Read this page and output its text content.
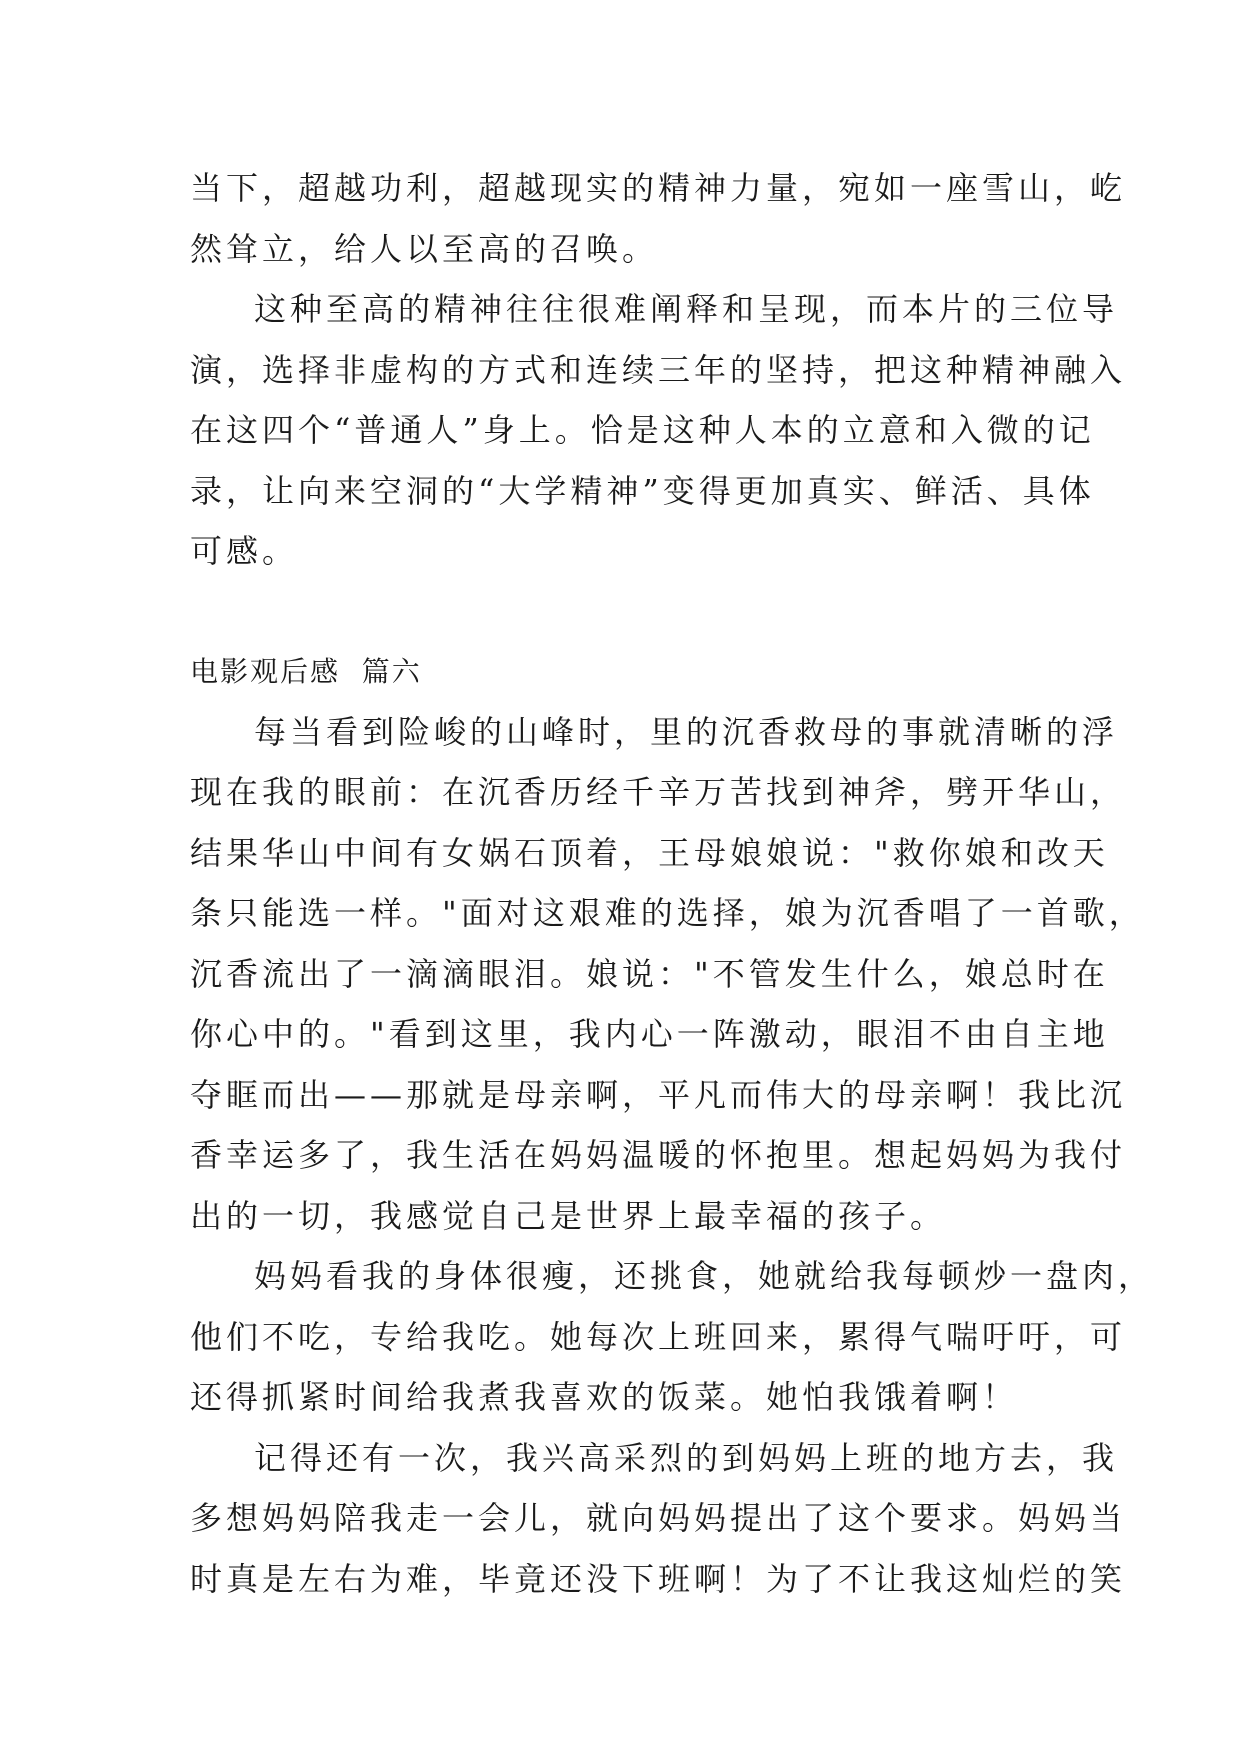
当下，超越功利，超越现实的精神力量，宛如一座雪山，屹
然耸立，给人以至高的召唤。

这种至高的精神往往很难阐释和呈现，而本片的三位导
演，选择非虚构的方式和连续三年的坚持，把这种精神融入
在这四个“普通人”身上。恰是这种人本的立意和入微的记
录，让向来空洞的“大学精神”变得更加真实、鲜活、具体
可感。

电影观后感  篇六

每当看到险峻的山峰时，里的沉香救母的事就清晰的浮
现在我的眼前：在沉香历经千辛万苦找到神斧，劈开华山，
结果华山中间有女娲石顶着，王母娘娘说："救你娘和改天
条只能选一样。"面对这艰难的选择，娘为沉香唱了一首歌，
沉香流出了一滴滴眼泪。娘说："不管发生什么，娘总时在
你心中的。"看到这里，我内心一阵激动，眼泪不由自主地
夺眶而出——那就是母亲啊，平凡而伟大的母亲啊！我比沉
香幸运多了，我生活在妈妈温暖的怀抱里。想起妈妈为我付
出的一切，我感觉自己是世界上最幸福的孩子。

妈妈看我的身体很瘦，还挑食，她就给我每顿炒一盘肉，
他们不吃，专给我吃。她每次上班回来，累得气喘吁吁，可
还得抓紧时间给我煮我喜欢的饭菜。她怕我饿着啊！

记得还有一次，我兴高采烈的到妈妈上班的地方去，我
多想妈妈陪我走一会儿，就向妈妈提出了这个要求。妈妈当
时真是左右为难，毕竟还没下班啊！为了不让我这灿烂的笑
